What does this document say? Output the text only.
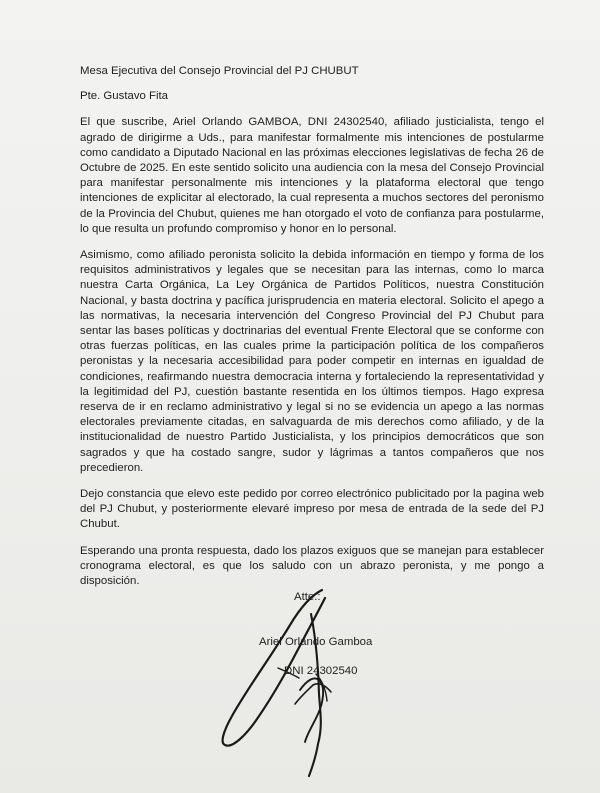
Mesa Ejecutiva del Consejo Provincial del PJ CHUBUT
Pte. Gustavo Fita

El que suscribe, Ariel Orlando GAMBOA, DNI 24302540, afiliado justicialista, tengo el agrado de dirigirme a Uds., para manifestar formalmente mis intenciones de postularme como candidato a Diputado Nacional en las próximas elecciones legislativas de fecha 26 de Octubre de 2025. En este sentido solicito una audiencia con la mesa del Consejo Provincial para manifestar personalmente mis intenciones y la plataforma electoral que tengo intenciones de explicitar al electorado, la cual representa a muchos sectores del peronismo de la Provincia del Chubut, quienes me han otorgado el voto de confianza para postularme, lo que resulta un profundo compromiso y honor en lo personal.

Asimismo, como afiliado peronista solicito la debida información en tiempo y forma de los requisitos administrativos y legales que se necesitan para las internas, como lo marca nuestra Carta Orgánica, La Ley Orgánica de Partidos Políticos, nuestra Constitución Nacional, y basta doctrina y pacífica jurisprudencia en materia electoral. Solicito el apego a las normativas, la necesaria intervención del Congreso Provincial del PJ Chubut para sentar las bases políticas y doctrinarias del eventual Frente Electoral que se conforme con otras fuerzas políticas, en las cuales prime la participación política de los compañeros peronistas y la necesaria accesibilidad para poder competir en internas en igualdad de condiciones, reafirmando nuestra democracia interna y fortaleciendo la representatividad y la legitimidad del PJ, cuestión bastante resentida en los últimos tiempos. Hago expresa reserva de ir en reclamo administrativo y legal si no se evidencia un apego a las normas electorales previamente citadas, en salvaguarda de mis derechos como afiliado, y de la institucionalidad de nuestro Partido Justicialista, y los principios democráticos que son sagrados y que ha costado sangre, sudor y lágrimas a tantos compañeros que nos precedieron.

Dejo constancia que elevo este pedido por correo electrónico publicitado por la pagina web del PJ Chubut, y posteriormente elevaré impreso por mesa de entrada de la sede del PJ Chubut.

Esperando una pronta respuesta, dado los plazos exiguos que se manejan para establecer cronograma electoral, es que los saludo con un abrazo peronista, y me pongo a disposición.

Atte.:
Ariel Orlando Gamboa
DNI 24302540
